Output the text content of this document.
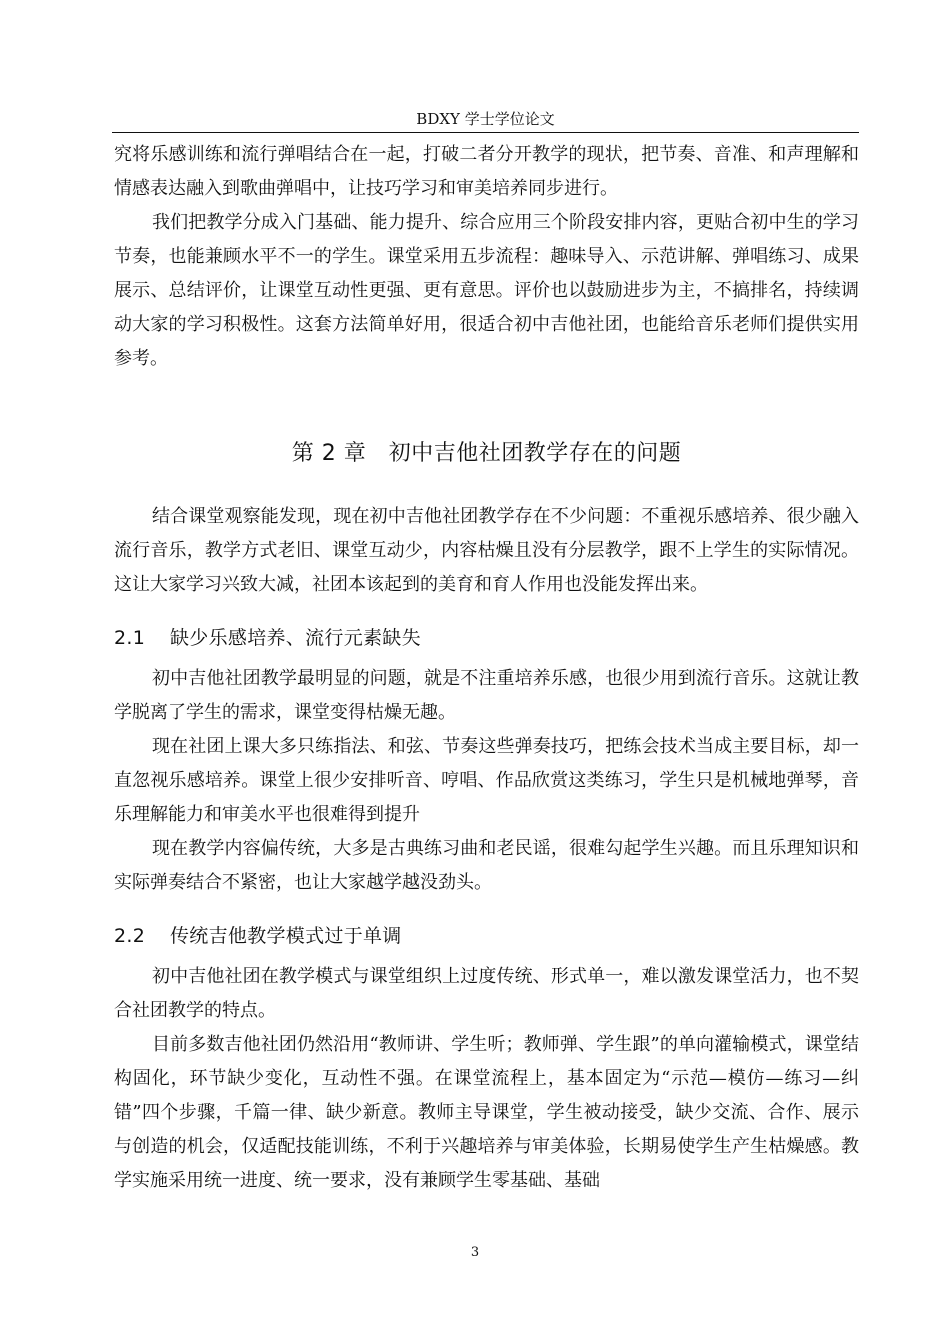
BDXY 学士学位论文

究将乐感训练和流行弹唱结合在一起，打破二者分开教学的现状，把节奏、音准、和声理解和情感表达融入到歌曲弹唱中，让技巧学习和审美培养同步进行。

我们把教学分成入门基础、能力提升、综合应用三个阶段安排内容，更贴合初中生的学习节奏，也能兼顾水平不一的学生。课堂采用五步流程：趣味导入、示范讲解、弹唱练习、成果展示、总结评价，让课堂互动性更强、更有意思。评价也以鼓励进步为主，不搞排名，持续调动大家的学习积极性。这套方法简单好用，很适合初中吉他社团，也能给音乐老师们提供实用参考。

第 2 章　 初中吉他社团教学存在的问题

结合课堂观察能发现，现在初中吉他社团教学存在不少问题：不重视乐感培养、很少融入流行音乐，教学方式老旧、课堂互动少，内容枯燥且没有分层教学，跟不上学生的实际情况。这让大家学习兴致大减，社团本该起到的美育和育人作用也没能发挥出来。

2.1 缺少乐感培养、流行元素缺失

初中吉他社团教学最明显的问题，就是不注重培养乐感，也很少用到流行音乐。这就让教学脱离了学生的需求，课堂变得枯燥无趣。

现在社团上课大多只练指法、和弦、节奏这些弹奏技巧，把练会技术当成主要目标，却一直忽视乐感培养。课堂上很少安排听音、哼唱、作品欣赏这类练习，学生只是机械地弹琴，音乐理解能力和审美水平也很难得到提升

现在教学内容偏传统，大多是古典练习曲和老民谣，很难勾起学生兴趣。而且乐理知识和实际弹奏结合不紧密，也让大家越学越没劲头。

2.2 传统吉他教学模式过于单调

初中吉他社团在教学模式与课堂组织上过度传统、形式单一，难以激发课堂活力，也不契合社团教学的特点。

目前多数吉他社团仍然沿用“教师讲、学生听；教师弹、学生跟”的单向灌输模式，课堂结构固化，环节缺少变化，互动性不强。在课堂流程上，基本固定为“示范—模仿—练习—纠错”四个步骤，千篇一律、缺少新意。教师主导课堂，学生被动接受，缺少交流、合作、展示与创造的机会，仅适配技能训练，不利于兴趣培养与审美体验，长期易使学生产生枯燥感。教学实施采用统一进度、统一要求，没有兼顾学生零基础、基础

3
